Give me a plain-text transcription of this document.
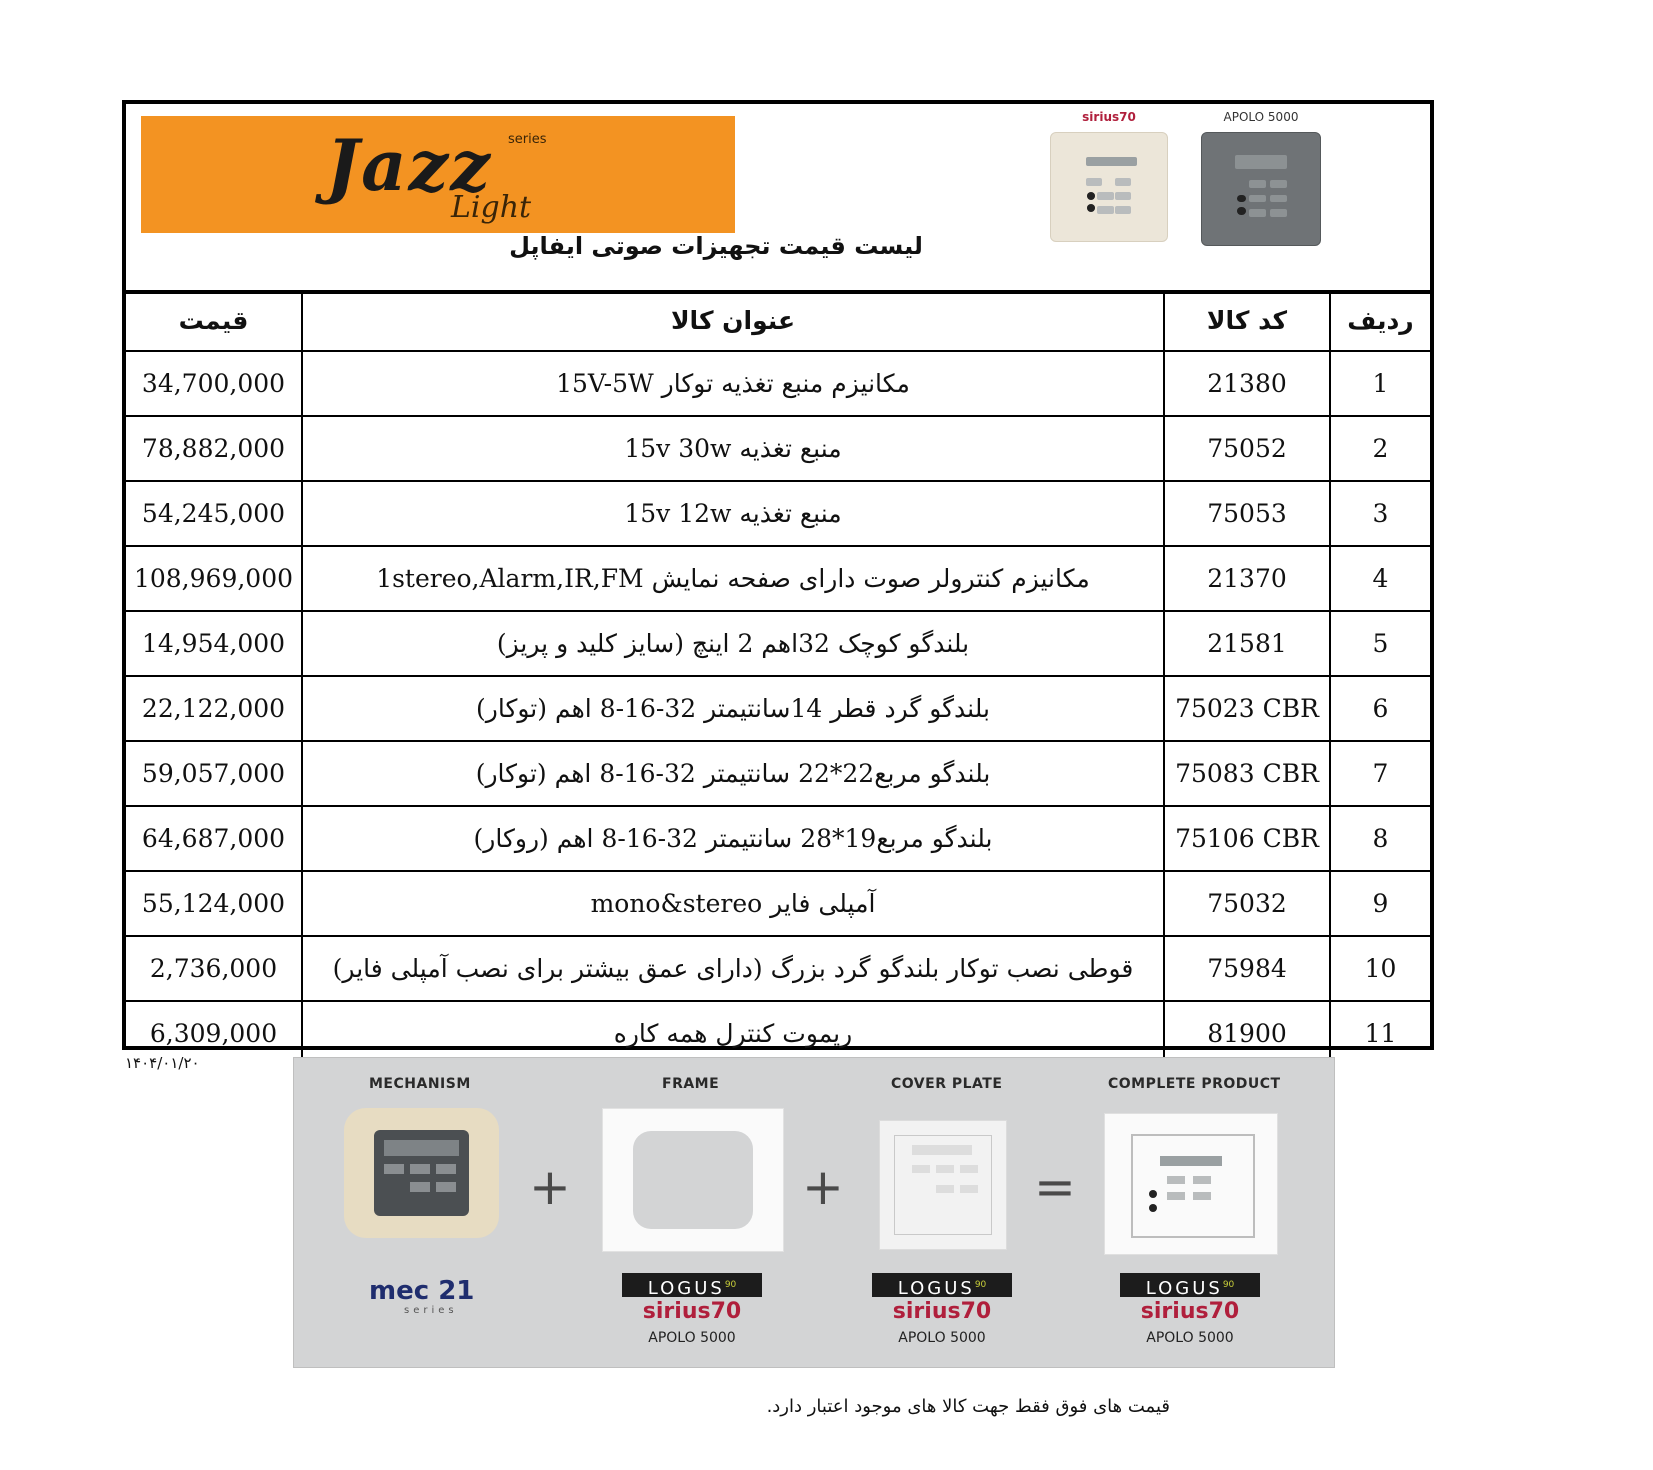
Jazz series
Light
لیست قیمت تجهیزات صوتی ایفاپل
sirius70	APOLO 5000
قیمت	عنوان کالا	کد کالا	ردیف
34,700,000	مکانیزم منبع تغذیه توکار 15V-5W	21380	1
78,882,000	منبع تغذیه 15v 30w	75052	2
54,245,000	منبع تغذیه 15v 12w	75053	3
108,969,000	مکانیزم کنترولر صوت دارای صفحه نمایش 1stereo,Alarm,IR,FM	21370	4
14,954,000	بلندگو کوچک 32اهم 2 اینچ (سایز کلید و پریز)	21581	5
22,122,000	بلندگو گرد قطر 14سانتیمتر 32-16-8 اهم (توکار)	75023 CBR	6
59,057,000	بلندگو مربع22*22 سانتیمتر 32-16-8 اهم (توکار)	75083 CBR	7
64,687,000	بلندگو مربع19*28 سانتیمتر 32-16-8 اهم (روکار)	75106 CBR	8
55,124,000	آمپلی فایر mono&stereo	75032	9
2,736,000	قوطی نصب توکار بلندگو گرد بزرگ (دارای عمق بیشتر برای نصب آمپلی فایر)	75984	10
6,309,000	ریموت کنترل همه کاره	81900	11
۱۴۰۴/۰۱/۲۰
MECHANISM	FRAME	COVER PLATE	COMPLETE PRODUCT
+	+	=
mec 21
series
LOGUS$^{90}$
sirius70
APOLO 5000
LOGUS$^{90}$
sirius70
APOLO 5000
LOGUS$^{90}$
sirius70
APOLO 5000
قیمت های فوق فقط جهت کالا های موجود اعتبار دارد.
